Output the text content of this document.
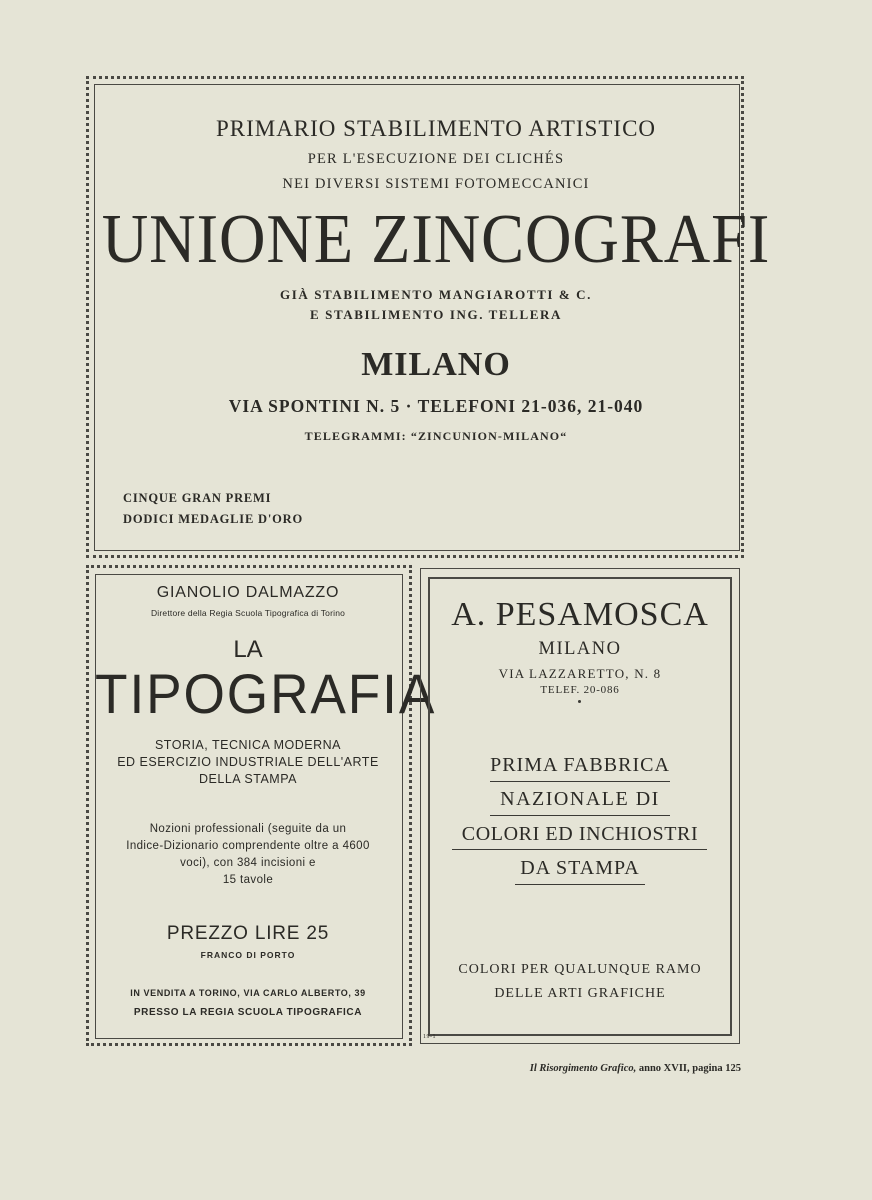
PRIMARIO STABILIMENTO ARTISTICO
PER L'ESECUZIONE DEI CLICHÉS
NEI DIVERSI SISTEMI FOTOMECCANICI
UNIONE ZINCOGRAFI
GIÀ STABILIMENTO MANGIAROTTI & C.
E STABILIMENTO ING. TELLERA
MILANO
VIA SPONTINI N. 5 · TELEFONI 21-036, 21-040
TELEGRAMMI: “ZINCUNION-MILANO“
CINQUE GRAN PREMI
DODICI MEDAGLIE D'ORO
GIANOLIO DALMAZZO
Direttore della Regia Scuola Tipografica di Torino
LA
TIPOGRAFIA
STORIA, TECNICA MODERNA
ED ESERCIZIO INDUSTRIALE DELL'ARTE
DELLA STAMPA
Nozioni professionali (seguite da un
Indice-Dizionario comprendente oltre a 4600
voci), con 384 incisioni e
15 tavole
PREZZO LIRE 25
FRANCO DI PORTO
IN VENDITA A TORINO, VIA CARLO ALBERTO, 39
PRESSO LA REGIA SCUOLA TIPOGRAFICA
A. PESAMOSCA
MILANO
VIA LAZZARETTO, N. 8
TELEF. 20-086
PRIMA FABBRICA
NAZIONALE DI
COLORI ED INCHIOSTRI
DA STAMPA
COLORI PER QUALUNQUE RAMO
DELLE ARTI GRAFICHE
19-1
Il Risorgimento Grafico, anno XVII, pagina 125
